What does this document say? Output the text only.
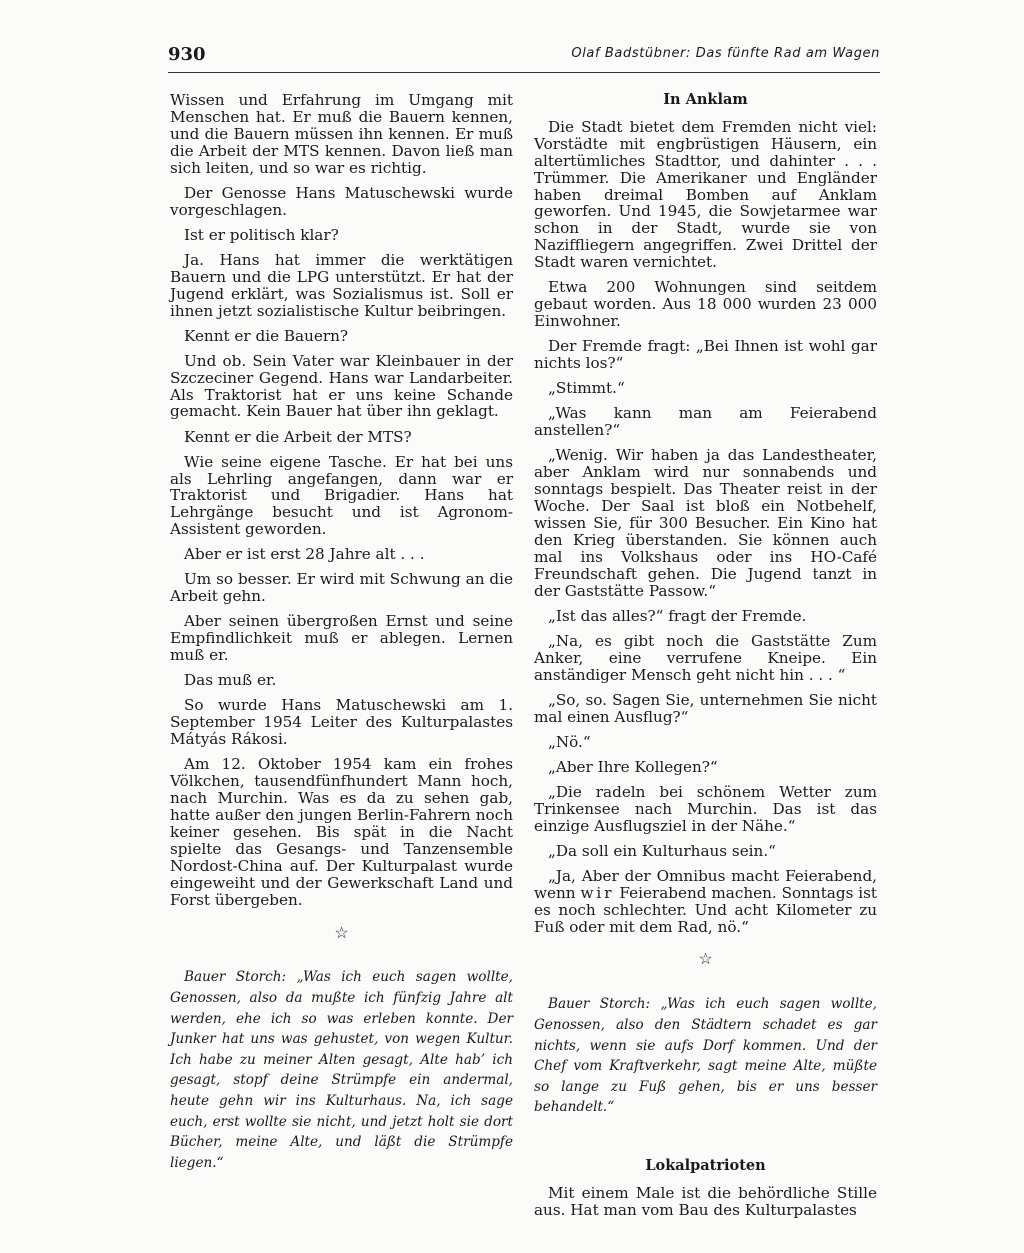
930	Olaf Badstübner: Das fünfte Rad am Wagen

Wissen und Erfahrung im Umgang mit Menschen hat. Er muß die Bauern kennen, und die Bauern müssen ihn kennen. Er muß die Arbeit der MTS kennen. Davon ließ man sich leiten, und so war es richtig.

Der Genosse Hans Matuschewski wurde vorgeschlagen.

Ist er politisch klar?

Ja. Hans hat immer die werktätigen Bauern und die LPG unterstützt. Er hat der Jugend erklärt, was Sozialismus ist. Soll er ihnen jetzt sozialistische Kultur beibringen.

Kennt er die Bauern?

Und ob. Sein Vater war Kleinbauer in der Szczeciner Gegend. Hans war Landarbeiter. Als Traktorist hat er uns keine Schande gemacht. Kein Bauer hat über ihn geklagt.

Kennt er die Arbeit der MTS?

Wie seine eigene Tasche. Er hat bei uns als Lehrling angefangen, dann war er Traktorist und Brigadier. Hans hat Lehrgänge besucht und ist Agronom-Assistent geworden.

Aber er ist erst 28 Jahre alt . . .

Um so besser. Er wird mit Schwung an die Arbeit gehn.

Aber seinen übergroßen Ernst und seine Empfindlichkeit muß er ablegen. Lernen muß er.

Das muß er.

So wurde Hans Matuschewski am 1. September 1954 Leiter des Kulturpalastes Mátyás Rákosi.

Am 12. Oktober 1954 kam ein frohes Völkchen, tausendfünfhundert Mann hoch, nach Murchin. Was es da zu sehen gab, hatte außer den jungen Berlin-Fahrern noch keiner gesehen. Bis spät in die Nacht spielte das Gesangs- und Tanzensemble Nordost-China auf. Der Kulturpalast wurde eingeweiht und der Gewerkschaft Land und Forst übergeben.

☆

Bauer Storch: „Was ich euch sagen wollte, Genossen, also da mußte ich fünfzig Jahre alt werden, ehe ich so was erleben konnte. Der Junker hat uns was gehustet, von wegen Kultur. Ich habe zu meiner Alten gesagt, Alte hab’ ich gesagt, stopf deine Strümpfe ein andermal, heute gehn wir ins Kulturhaus. Na, ich sage euch, erst wollte sie nicht, und jetzt holt sie dort Bücher, meine Alte, und läßt die Strümpfe liegen.“

In Anklam

Die Stadt bietet dem Fremden nicht viel: Vorstädte mit engbrüstigen Häusern, ein altertümliches Stadttor, und dahinter . . . Trümmer. Die Amerikaner und Engländer haben dreimal Bomben auf Anklam geworfen. Und 1945, die Sowjetarmee war schon in der Stadt, wurde sie von Naziffliegern angegriffen. Zwei Drittel der Stadt waren vernichtet.

Etwa 200 Wohnungen sind seitdem gebaut worden. Aus 18 000 wurden 23 000 Einwohner.

Der Fremde fragt: „Bei Ihnen ist wohl gar nichts los?“

„Stimmt.“

„Was kann man am Feierabend anstellen?“

„Wenig. Wir haben ja das Landestheater, aber Anklam wird nur sonnabends und sonntags bespielt. Das Theater reist in der Woche. Der Saal ist bloß ein Notbehelf, wissen Sie, für 300 Besucher. Ein Kino hat den Krieg überstanden. Sie können auch mal ins Volkshaus oder ins HO-Café Freundschaft gehen. Die Jugend tanzt in der Gaststätte Passow.“

„Ist das alles?“ fragt der Fremde.

„Na, es gibt noch die Gaststätte Zum Anker, eine verrufene Kneipe. Ein anständiger Mensch geht nicht hin . . . “

„So, so. Sagen Sie, unternehmen Sie nicht mal einen Ausflug?“

„Nö.“

„Aber Ihre Kollegen?“

„Die radeln bei schönem Wetter zum Trinkensee nach Murchin. Das ist das einzige Ausflugsziel in der Nähe.“

„Da soll ein Kulturhaus sein.“

„Ja, Aber der Omnibus macht Feierabend, wenn wir Feierabend machen. Sonntags ist es noch schlechter. Und acht Kilometer zu Fuß oder mit dem Rad, nö.“

☆

Bauer Storch: „Was ich euch sagen wollte, Genossen, also den Städtern schadet es gar nichts, wenn sie aufs Dorf kommen. Und der Chef vom Kraftverkehr, sagt meine Alte, müßte so lange zu Fuß gehen, bis er uns besser behandelt.“

Lokalpatrioten

Mit einem Male ist die behördliche Stille aus. Hat man vom Bau des Kulturpalastes
